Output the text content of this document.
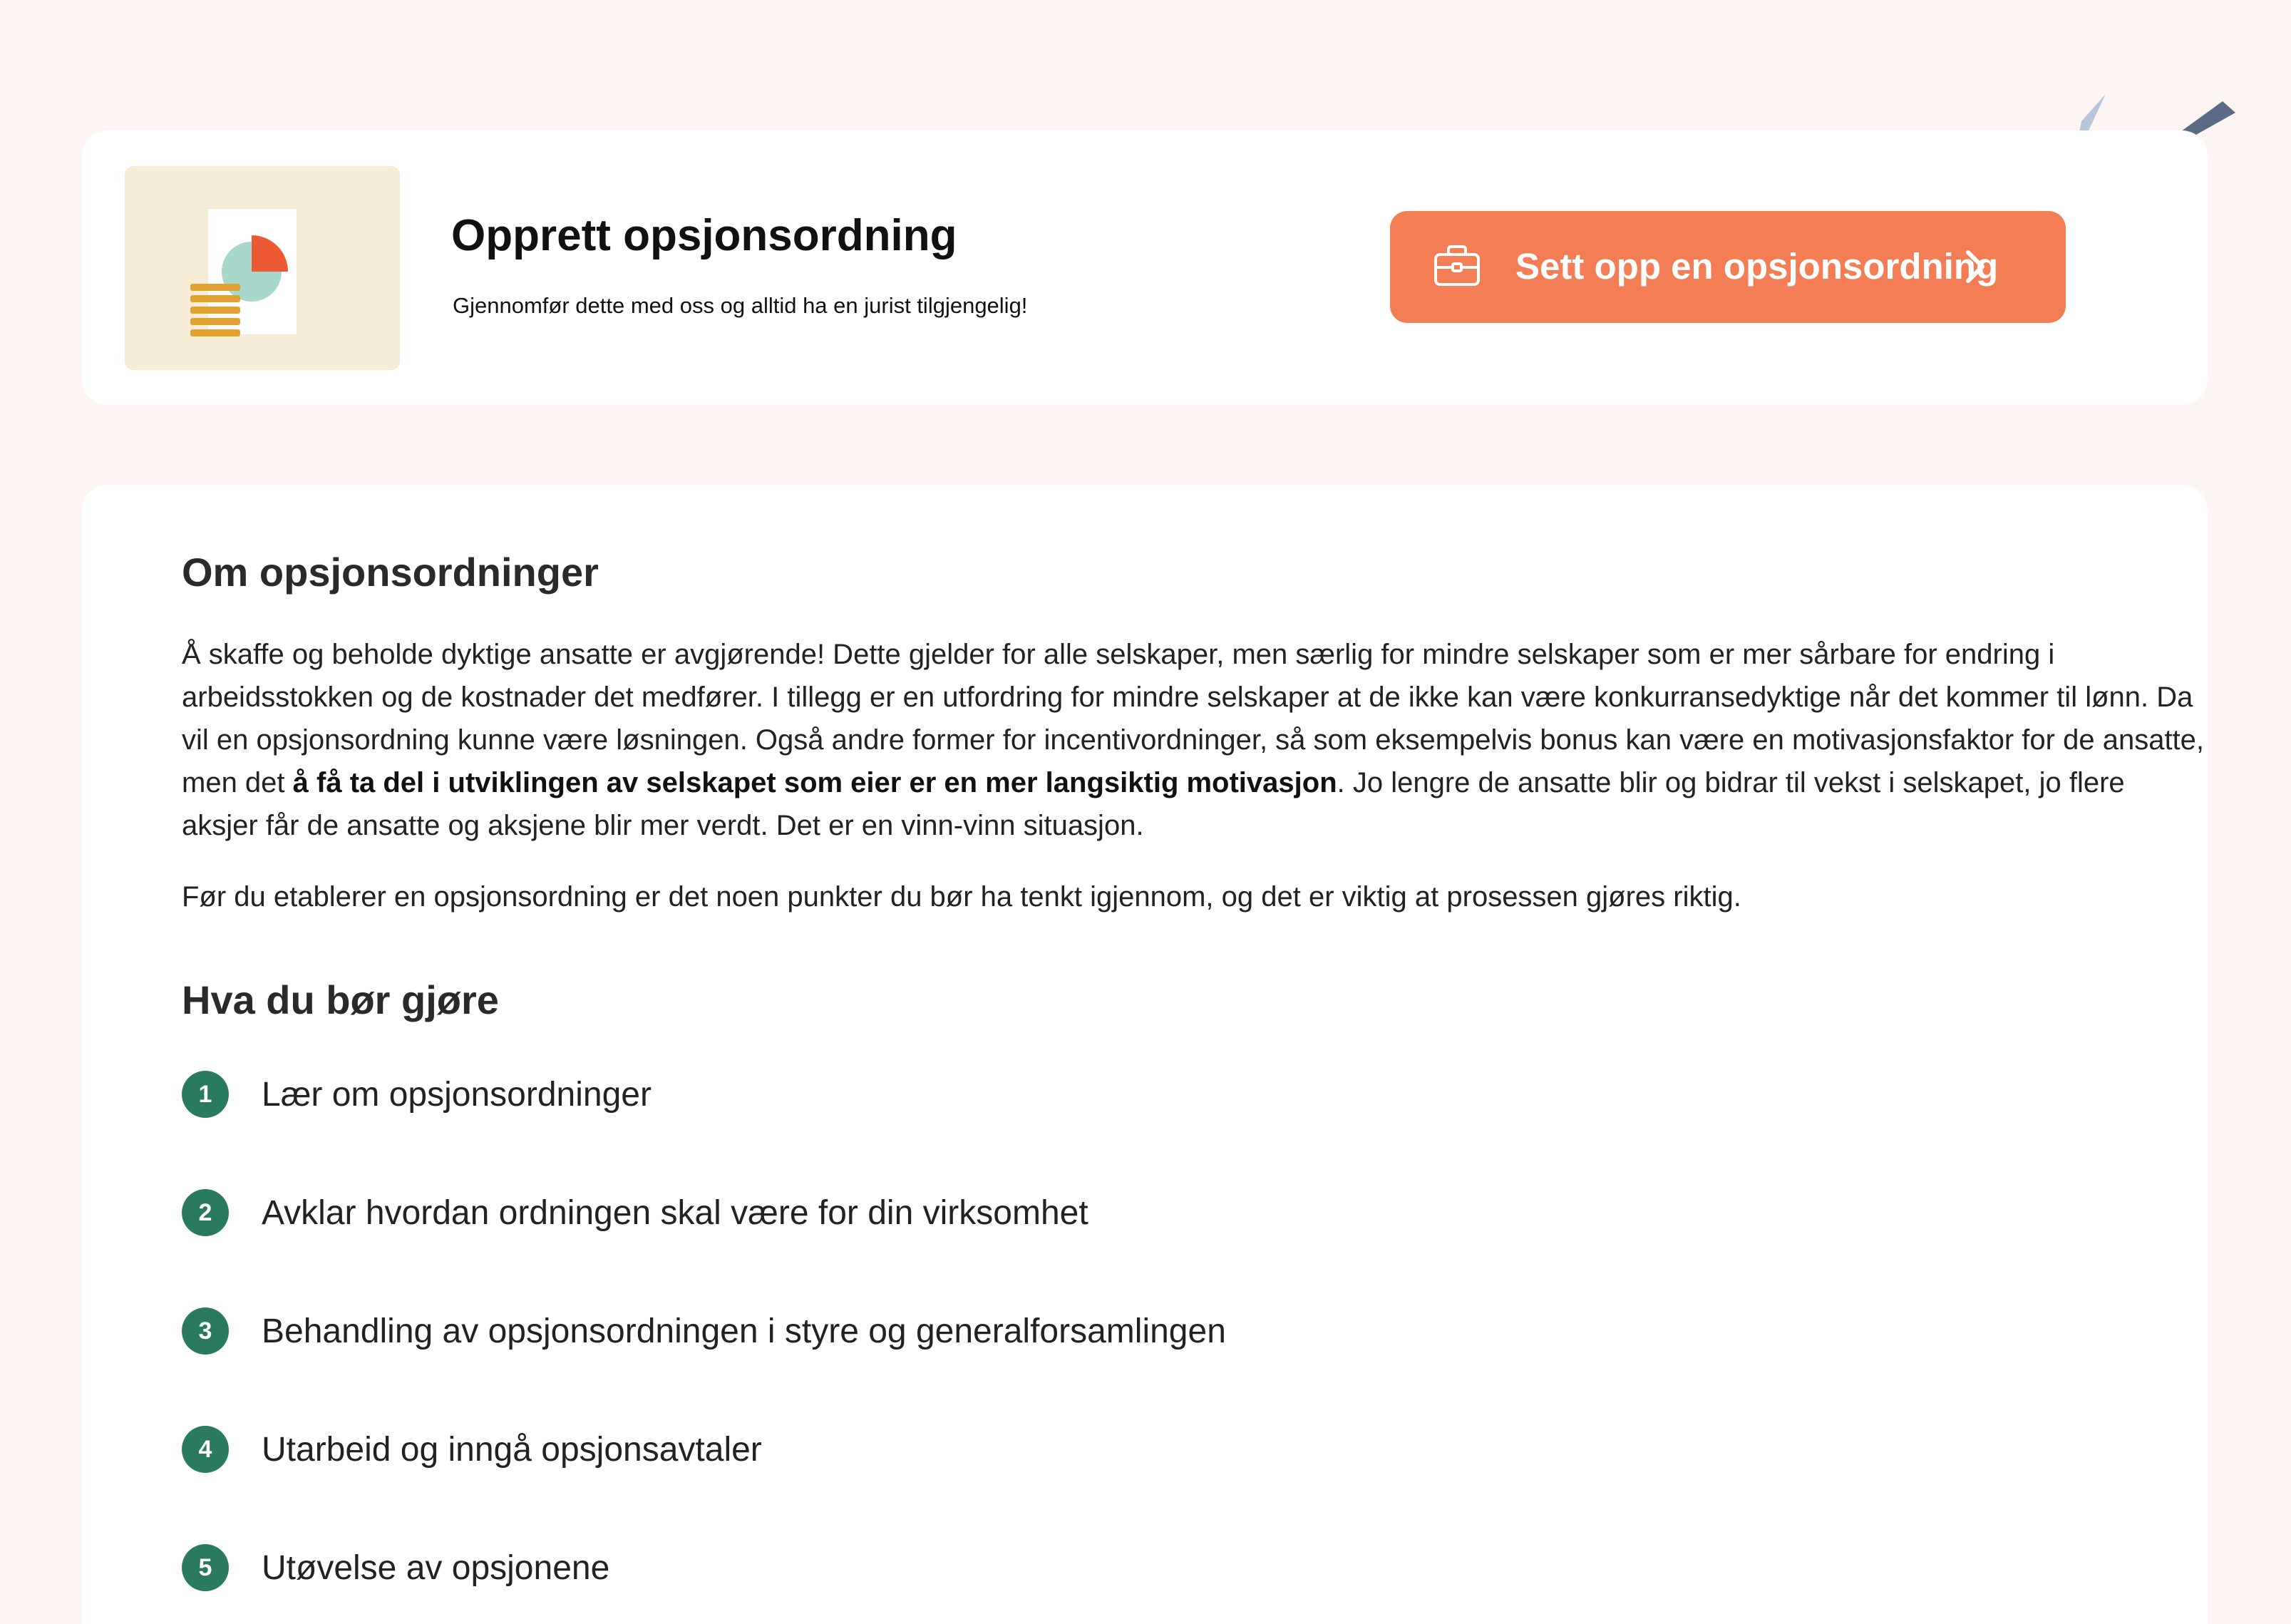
Opprett opsjonsordning
Gjennomfør dette med oss og alltid ha en jurist tilgjengelig!
Sett opp en opsjonsordning
Om opsjonsordninger

Å skaffe og beholde dyktige ansatte er avgjørende! Dette gjelder for alle selskaper, men særlig for mindre selskaper som er mer sårbare for endring i arbeidsstokken og de kostnader det medfører. I tillegg er en utfordring for mindre selskaper at de ikke kan være konkurransedyktige når det kommer til lønn. Da vil en opsjonsordning kunne være løsningen. Også andre former for incentivordninger, så som eksempelvis bonus kan være en motivasjonsfaktor for de ansatte, men det å få ta del i utviklingen av selskapet som eier er en mer langsiktig motivasjon. Jo lengre de ansatte blir og bidrar til vekst i selskapet, jo flere aksjer får de ansatte og aksjene blir mer verdt. Det er en vinn-vinn situasjon.

Før du etablerer en opsjonsordning er det noen punkter du bør ha tenkt igjennom, og det er viktig at prosessen gjøres riktig.

Hva du bør gjøre
1	Lær om opsjonsordninger
2	Avklar hvordan ordningen skal være for din virksomhet
3	Behandling av opsjonsordningen i styre og generalforsamlingen
4	Utarbeid og inngå opsjonsavtaler
5	Utøvelse av opsjonene
